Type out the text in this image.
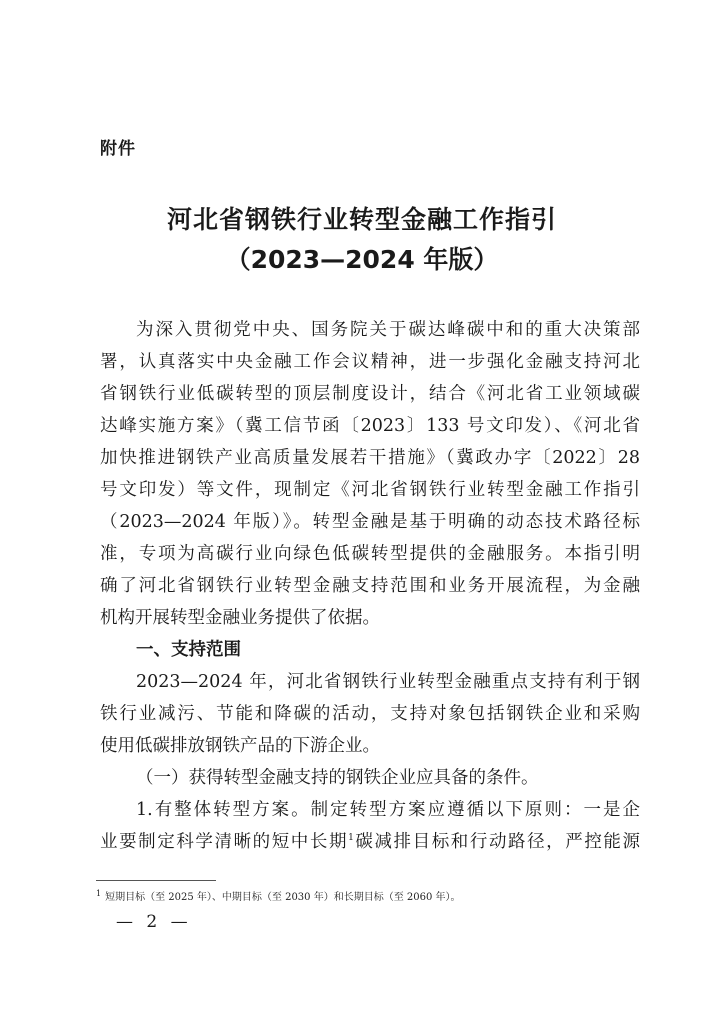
附件
河北省钢铁行业转型金融工作指引
（2023—2024 年版）
为深入贯彻党中央、国务院关于碳达峰碳中和的重大决策部
署，认真落实中央金融工作会议精神，进一步强化金融支持河北
省钢铁行业低碳转型的顶层制度设计，结合《河北省工业领域碳
达峰实施方案》（冀工信节函〔2023〕133 号文印发）、《河北省
加快推进钢铁产业高质量发展若干措施》（冀政办字〔2022〕28
号文印发）等文件，现制定《河北省钢铁行业转型金融工作指引
（2023—2024 年版）》。转型金融是基于明确的动态技术路径标
准，专项为高碳行业向绿色低碳转型提供的金融服务。本指引明
确了河北省钢铁行业转型金融支持范围和业务开展流程，为金融
机构开展转型金融业务提供了依据。
一、支持范围
2023—2024 年，河北省钢铁行业转型金融重点支持有利于钢
铁行业减污、节能和降碳的活动，支持对象包括钢铁企业和采购
使用低碳排放钢铁产品的下游企业。
（一）获得转型金融支持的钢铁企业应具备的条件。
1.有整体转型方案。制定转型方案应遵循以下原则：一是企
业要制定科学清晰的短中长期$^1$碳减排目标和行动路径，严控能源
$^1$ 短期目标（至 2025 年）、中期目标（至 2030 年）和长期目标（至 2060 年）。
— 2 —
